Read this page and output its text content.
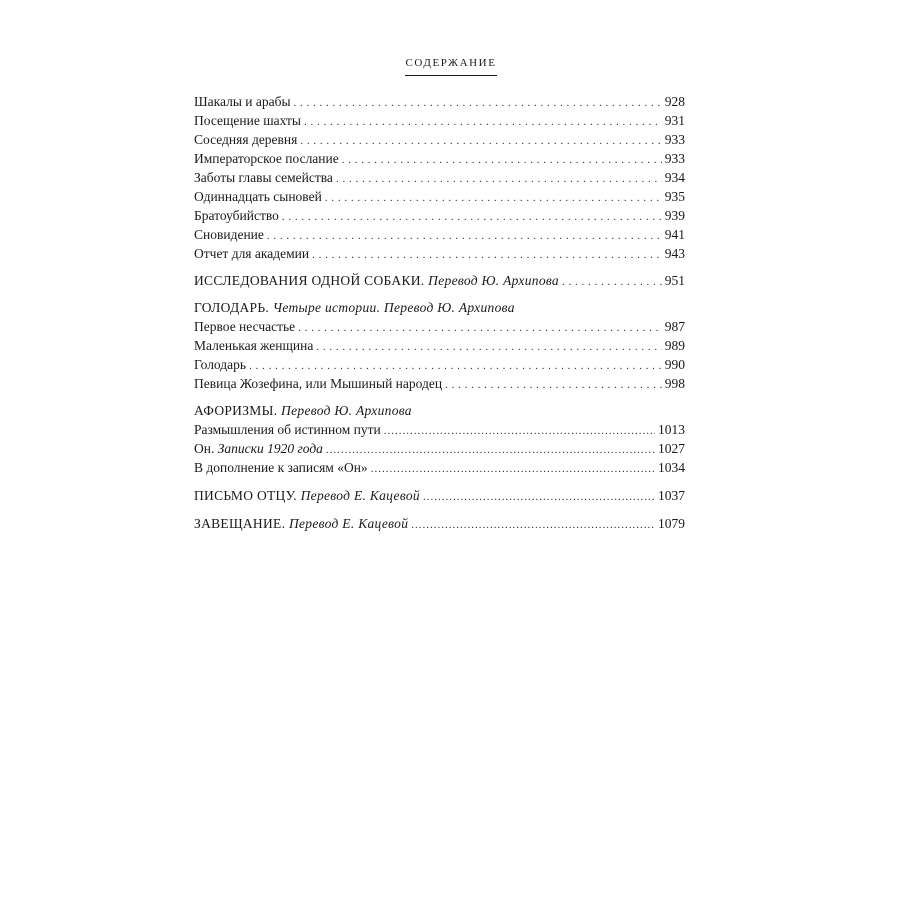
СОДЕРЖАНИЕ
Шакалы и арабы . . .	928
Посещение шахты . . .	931
Соседняя деревня . . .	933
Императорское послание . . .	933
Заботы главы семейства . . .	934
Одиннадцать сыновей . . .	935
Братоубийство . . .	939
Сновидение . . .	941
Отчет для академии . . .	943
ИССЛЕДОВАНИЯ ОДНОЙ СОБАКИ. Перевод Ю. Архипова . . .	951
ГОЛОДАРЬ. Четыре истории. Перевод Ю. Архипова
Первое несчастье . . .	987
Маленькая женщина . . .	989
Голодарь . . .	990
Певица Жозефина, или Мышиный народец . . .	998
АФОРИЗМЫ. Перевод Ю. Архипова
Размышления об истинном пути .....	1013
Он. Записки 1920 года .....	1027
В дополнение к записям «Он» .....	1034
ПИСЬМО ОТЦУ. Перевод Е. Кацевой .....	1037
ЗАВЕЩАНИЕ. Перевод Е. Кацевой .....	1079
